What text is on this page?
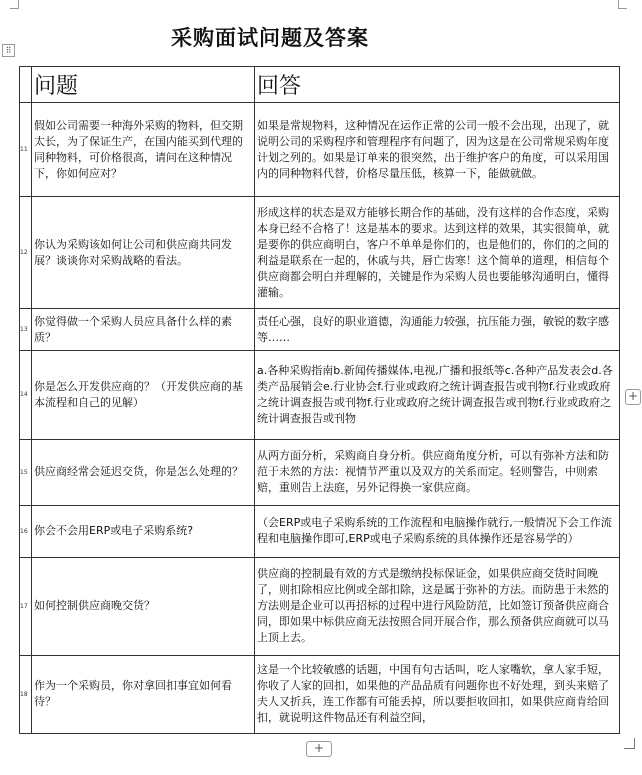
采购面试问题及答案
⠿
	问题	回答
11	假如公司需要一种海外采购的物料，但交期太长，为了保证生产，在国内能买到代理的同种物料，可价格很高，请问在这种情况下，你如何应对？	如果是常规物料，这种情况在运作正常的公司一般不会出现，出现了，就说明公司的采购程序和管理程序有问题了，因为这是在公司常规采购年度计划之列的。如果是订单来的很突然，出于维护客户的角度，可以采用国内的同种物料代替，价格尽量压低，核算一下，能做就做。
12	你认为采购该如何让公司和供应商共同发展？谈谈你对采购战略的看法。	形成这样的状态是双方能够长期合作的基础，没有这样的合作态度，采购本身已经不合格了！这是基本的要求。达到这样的效果，其实很简单，就是要你的供应商明白，客户不单单是你们的，也是他们的，你们的之间的利益是联系在一起的，休戚与共，唇亡齿寒！这个简单的道理，相信每个供应商都会明白并理解的，关键是作为采购人员也要能够沟通明白，懂得灌输。
13	你觉得做一个采购人员应具备什么样的素质？	责任心强，良好的职业道德，沟通能力较强，抗压能力强，敏锐的数字感等……
14	你是怎么开发供应商的？（开发供应商的基本流程和自己的见解）	a.各种采购指南b.新闻传播媒体,电视,广播和报纸等c.各种产品发表会d.各类产品展销会e.行业协会f.行业或政府之统计调查报告或刊物f.行业或政府之统计调查报告或刊物f.行业或政府之统计调查报告或刊物f.行业或政府之统计调查报告或刊物
15	供应商经常会延迟交货，你是怎么处理的？	从两方面分析，采购商自身分析。供应商角度分析，可以有弥补方法和防范于未然的方法：视情节严重以及双方的关系而定。轻则警告，中则索赔，重则告上法庭，另外记得换一家供应商。
16	你会不会用ERP或电子采购系统?	（会ERP或电子采购系统的工作流程和电脑操作就行,一般情况下会工作流程和电脑操作即可,ERP或电子采购系统的具体操作还是容易学的）
17	如何控制供应商晚交货？	供应商的控制最有效的方式是缴纳投标保证金，如果供应商交货时间晚了，则扣除相应比例或全部扣除，这是属于弥补的方法。而防患于未然的方法则是企业可以再招标的过程中进行风险防范，比如签订预备供应商合同，即如果中标供应商无法按照合同开展合作，那么预备供应商就可以马上顶上去。
18	作为一个采购员，你对拿回扣事宜如何看待？	这是一个比较敏感的话题，中国有句古话叫，吃人家嘴软，拿人家手短，你收了人家的回扣，如果他的产品品质有问题你也不好处理，到头来赔了夫人又折兵，连工作都有可能丢掉，所以要拒收回扣，如果供应商肯给回扣，就说明这件物品还有利益空间，
+
+
